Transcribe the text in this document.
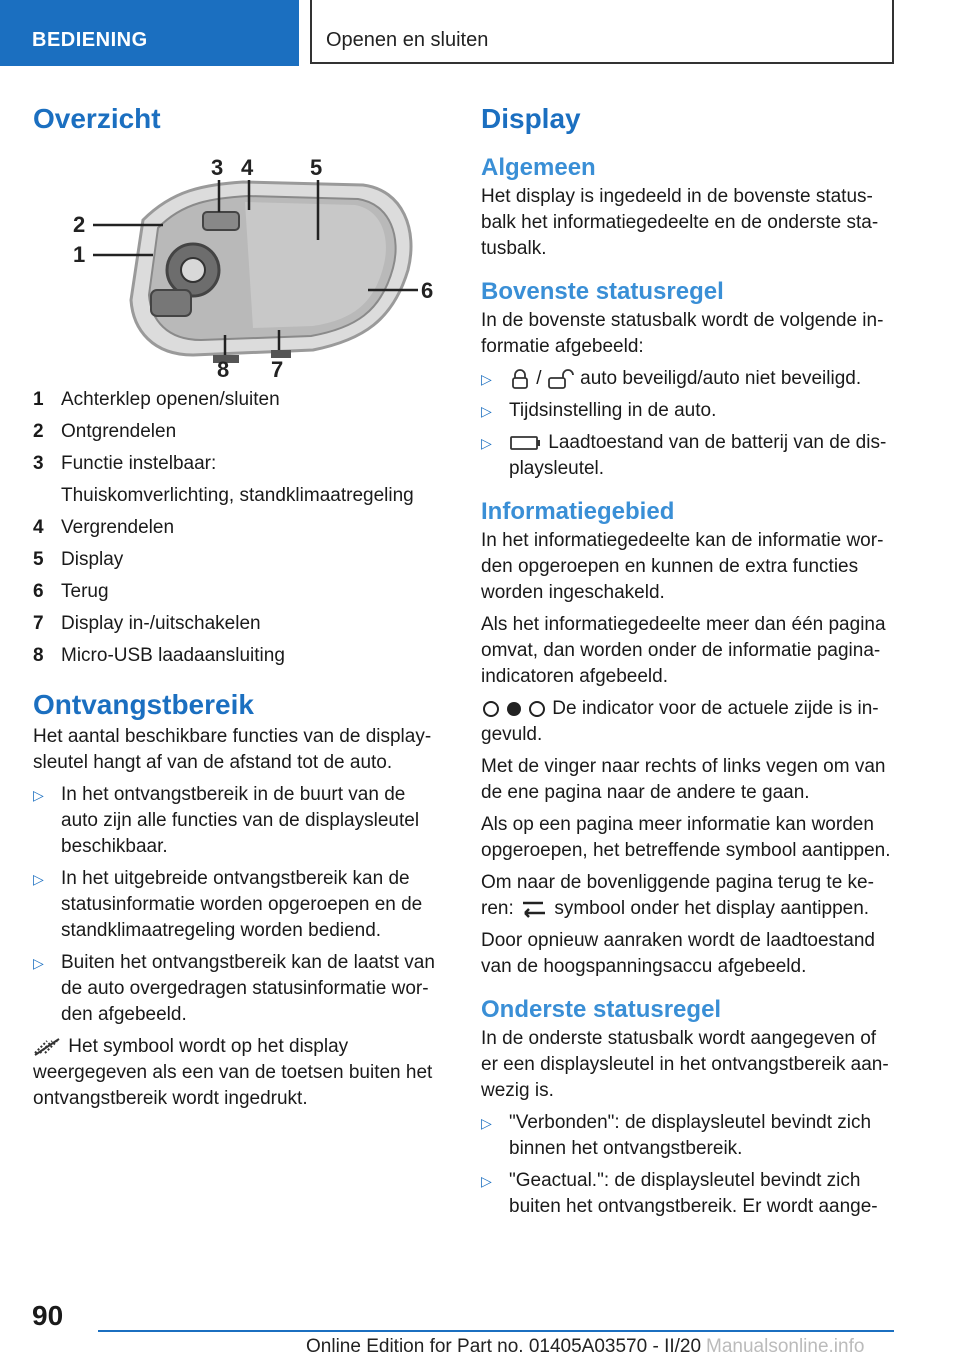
BEDIENING	Openen en sluiten
Overzicht
1
2
3 4	5
6
7
8
1 Achterklep openen/sluiten
2 Ontgrendelen
3 Functie instelbaar:
Thuiskomverlichting, standklimaatregeling
4 Vergrendelen
5 Display
6 Terug
7 Display in-/uitschakelen
8 Micro-USB laadaansluiting
Ontvangstbereik

Het aantal beschikbare functies van de displaysleutel hangt af van de afstand tot de auto.

▷ In het ontvangstbereik in de buurt van de auto zijn alle functies van de displaysleutel beschikbaar.
▷ In het uitgebreide ontvangstbereik kan de statusinformatie worden opgeroepen en de standklimaatregeling worden bediend.
▷ Buiten het ontvangstbereik kan de laatst van de auto overgedragen statusinformatie worden afgebeeld.

Het symbool wordt op het display weergegeven als een van de toetsen buiten het ontvangstbereik wordt ingedrukt.

Display
Algemeen

Het display is ingedeeld in de bovenste statusbalk het informatiegedeelte en de onderste statusbalk.

Bovenste statusregel

In de bovenste statusbalk wordt de volgende informatie afgebeeld:

▷ / auto beveiligd/auto niet beveiligd.
▷ Tijdsinstelling in de auto.
▷	Laadtoestand van de batterij van de displaysleutel.
Informatiegebied

In het informatiegedeelte kan de informatie worden opgeroepen en kunnen de extra functies worden ingeschakeld.

Als het informatiegedeelte meer dan één pagina omvat, dan worden onder de informatie paginaindicatoren afgebeeld.

De indicator voor de actuele zijde is ingevuld.

Met de vinger naar rechts of links vegen om van de ene pagina naar de andere te gaan.

Als op een pagina meer informatie kan worden opgeroepen, het betreffende symbool aantippen.

Om naar de bovenliggende pagina terug te keren: symbool onder het display aantippen.

Door opnieuw aanraken wordt de laadtoestand van de hoogspanningsaccu afgebeeld.

Onderste statusregel

In de onderste statusbalk wordt aangegeven of er een displaysleutel in het ontvangstbereik aanwezig is.

▷ "Verbonden": de displaysleutel bevindt zich binnen het ontvangstbereik.
▷ "Geactual.": de displaysleutel bevindt zich buiten het ontvangstbereik. Er wordt aange-
90
Online Edition for Part no. 01405A03570 - II/20 Manualsonline.info
